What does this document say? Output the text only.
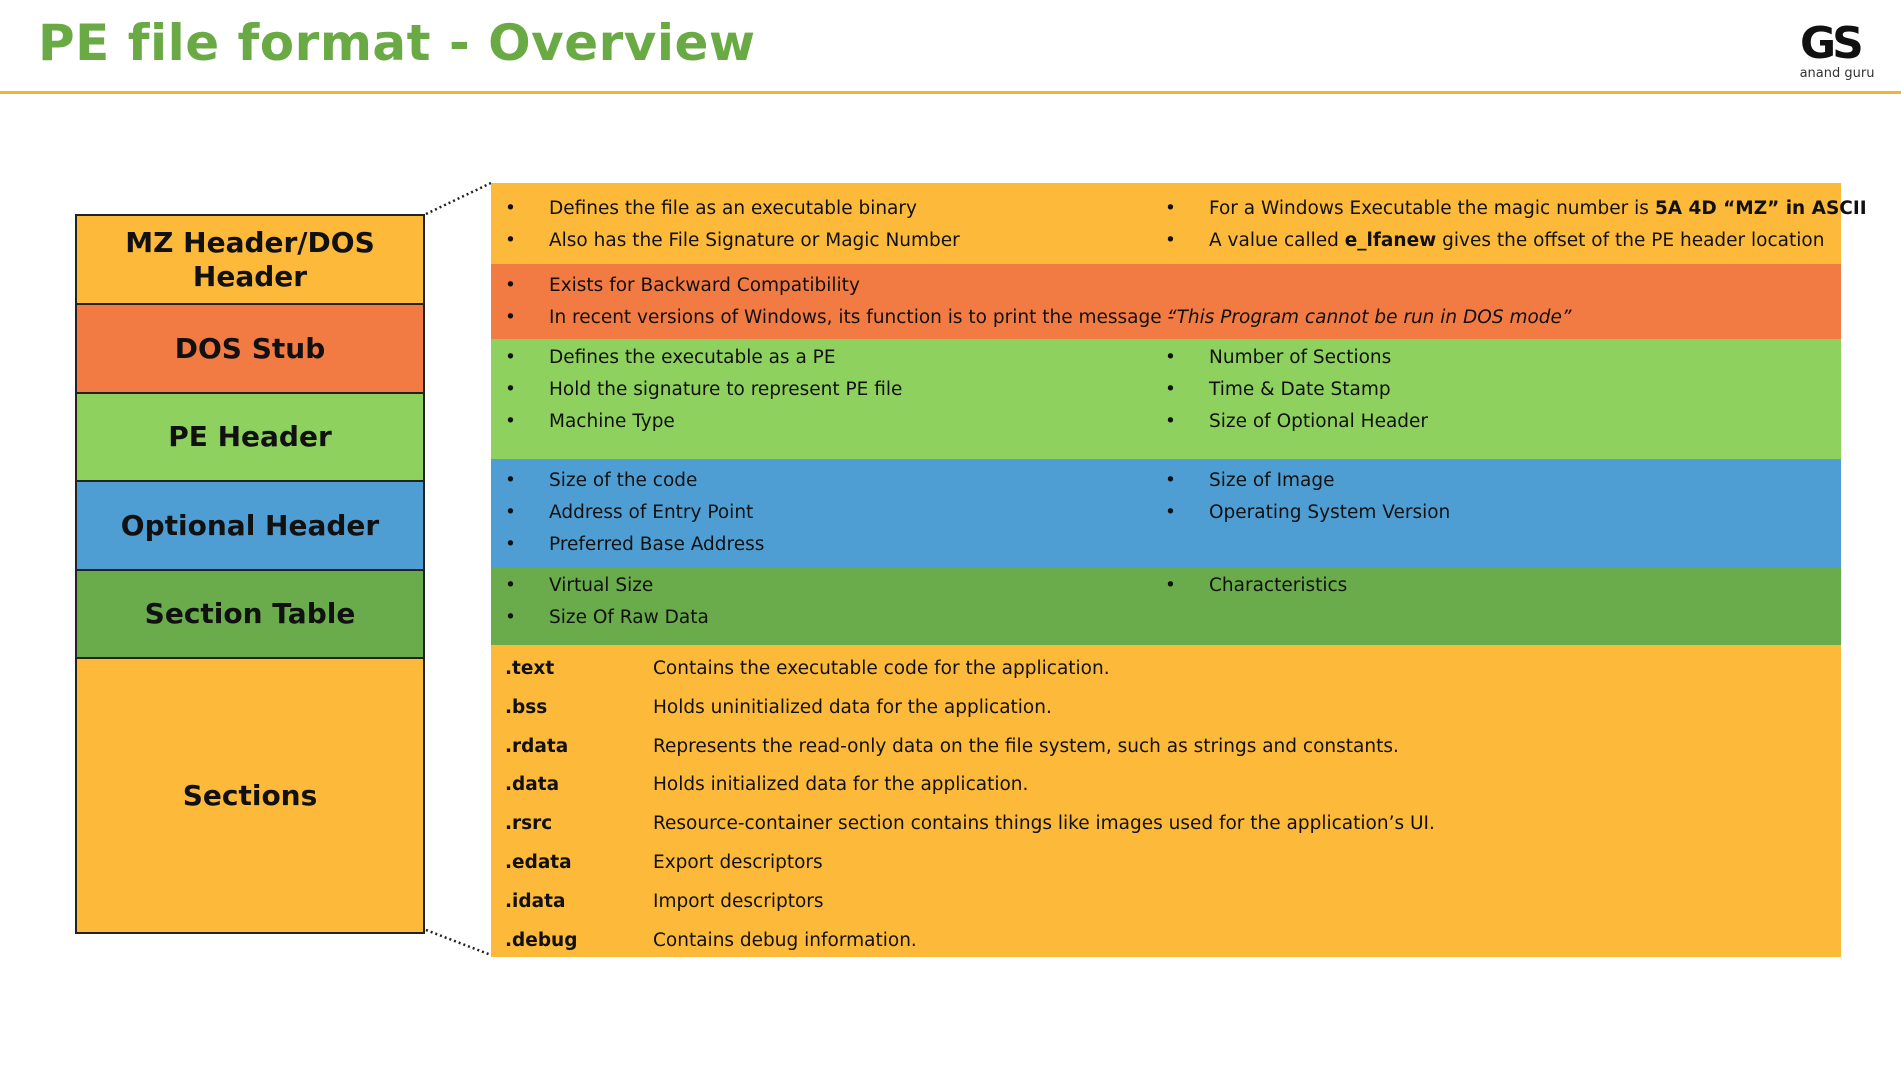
PE file format - Overview	GS
anand guru
MZ Header/DOS Header
DOS Stub
PE Header
Optional Header
Section Table
Sections
• Defines the file as an executable binary
• Also has the File Signature or Magic Number
• For a Windows Executable the magic number is 5A 4D “MZ” in ASCII
• A value called e_lfanew gives the offset of the PE header location
• Exists for Backward Compatibility
• In recent versions of Windows, its function is to print the message -
“This Program cannot be run in DOS mode”
• Defines the executable as a PE
• Hold the signature to represent PE file
• Machine Type
• Number of Sections
• Time & Date Stamp
• Size of Optional Header
• Size of the code
• Address of Entry Point
• Preferred Base Address
• Size of Image
• Operating System Version
• Virtual Size
• Size Of Raw Data
• Characteristics
.text	Contains the executable code for the application.
.bss	Holds uninitialized data for the application.
.rdata	Represents the read-only data on the file system, such as strings and constants.
.data	Holds initialized data for the application.
.rsrc	Resource-container section contains things like images used for the application’s UI.
.edata	Export descriptors
.idata	Import descriptors
.debug	Contains debug information.
